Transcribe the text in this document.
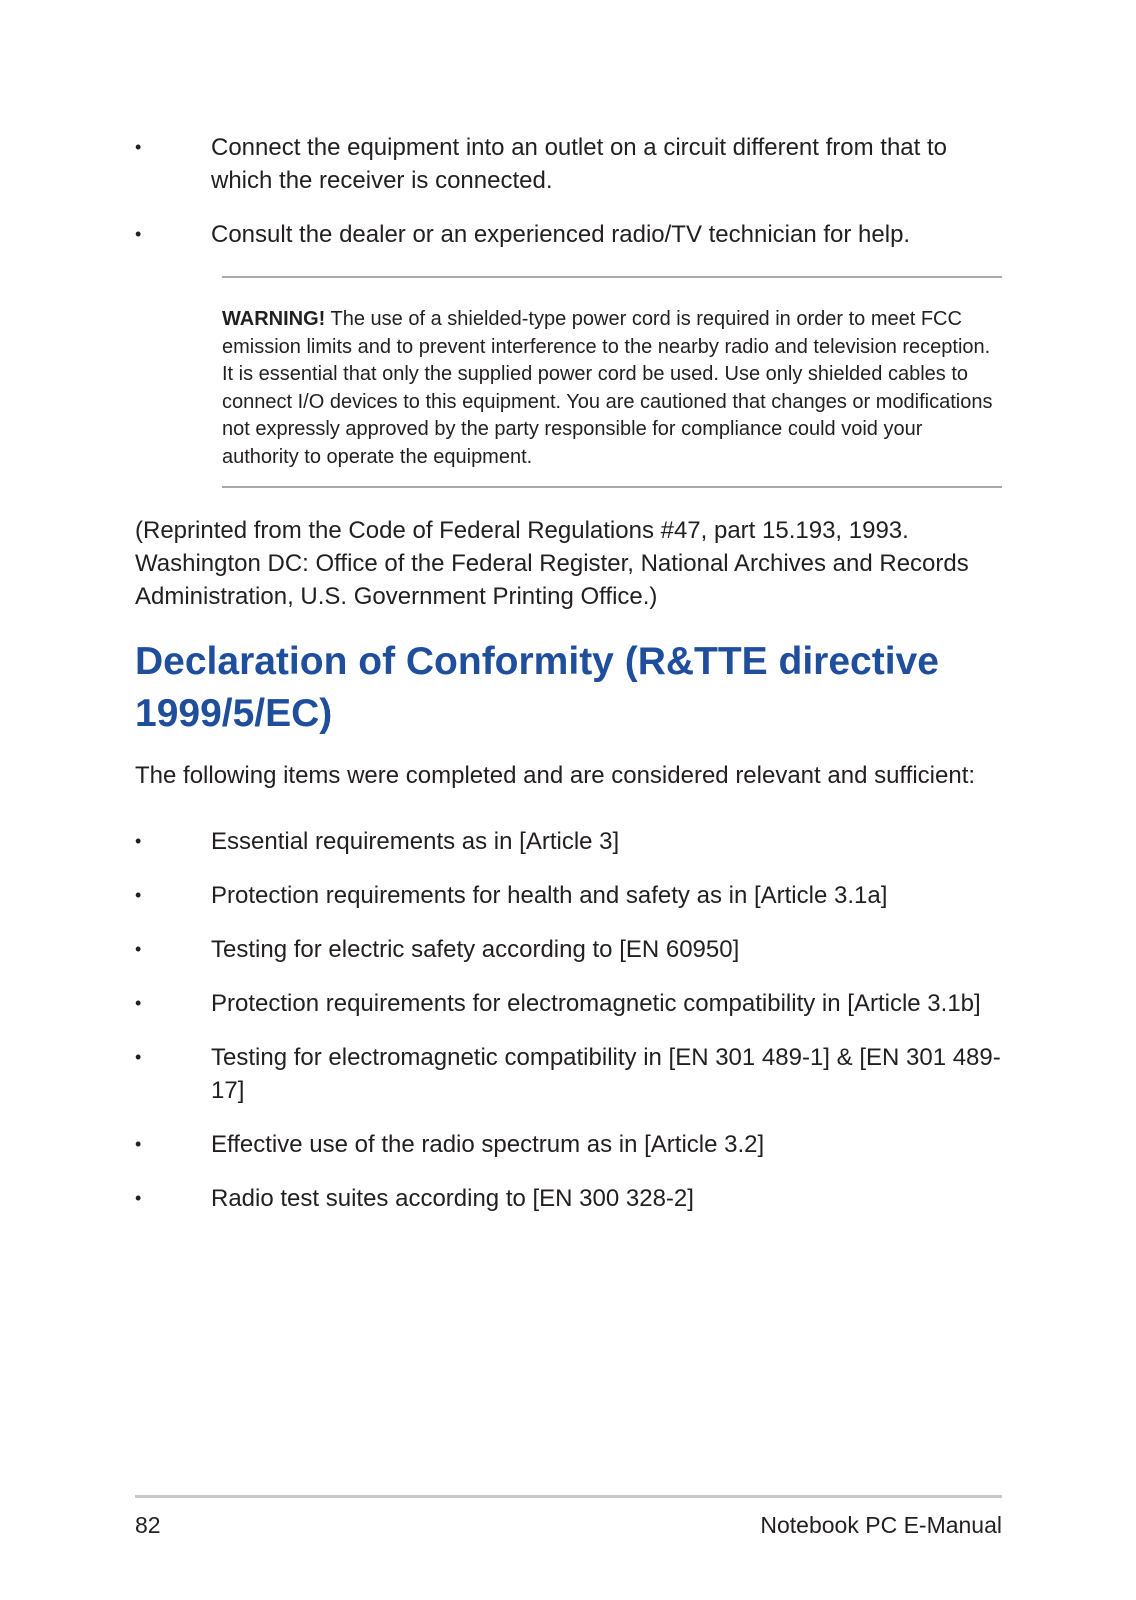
•	Connect the equipment into an outlet on a circuit different from that to which the receiver is connected.
•	Consult the dealer or an experienced radio/TV technician for help.

WARNING! The use of a shielded-type power cord is required in order to meet FCC emission limits and to prevent interference to the nearby radio and television reception. It is essential that only the supplied power cord be used. Use only shielded cables to connect I/O devices to this equipment. You are cautioned that changes or modifications not expressly approved by the party responsible for compliance could void your authority to operate the equipment.

(Reprinted from the Code of Federal Regulations #47, part 15.193, 1993. Washington DC: Office of the Federal Register, National Archives and Records Administration, U.S. Government Printing Office.)

Declaration of Conformity (R&TTE directive 1999/5/EC)

The following items were completed and are considered relevant and sufficient:

•	Essential requirements as in [Article 3]
•	Protection requirements for health and safety as in [Article 3.1a]
•	Testing for electric safety according to [EN 60950]
•	Protection requirements for electromagnetic compatibility in [Article 3.1b]
•	Testing for electromagnetic compatibility in [EN 301 489-1] & [EN 301 489-17]
•	Effective use of the radio spectrum as in [Article 3.2]
•	Radio test suites according to [EN 300 328-2]
82	Notebook PC E-Manual
